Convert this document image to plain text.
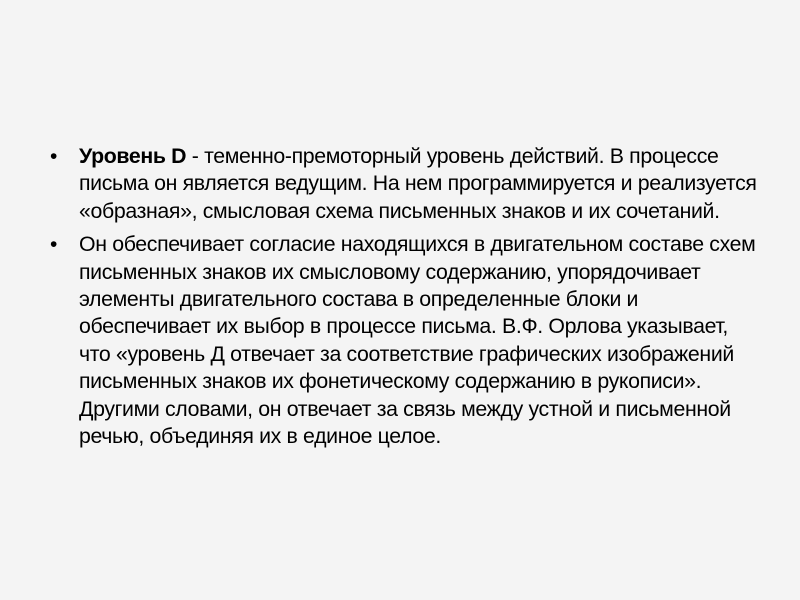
• Уровень D - теменно-премоторный уровень действий. В процессе письма он является ведущим. На нем программируется и реализуется «образная», смысловая схема письменных знаков и их сочетаний.
• Он обеспечивает согласие находящихся в двигательном составе схем письменных знаков их смысловому содержанию, упорядочивает элементы двигательного состава в определенные блоки и обеспечивает их выбор в процессе письма. В.Ф. Орлова указывает, что «уровень Д отвечает за соответствие графических изображений письменных знаков их фонетическому содержанию в рукописи». Другими словами, он отвечает за связь между устной и письменной речью, объединяя их в единое целое.
